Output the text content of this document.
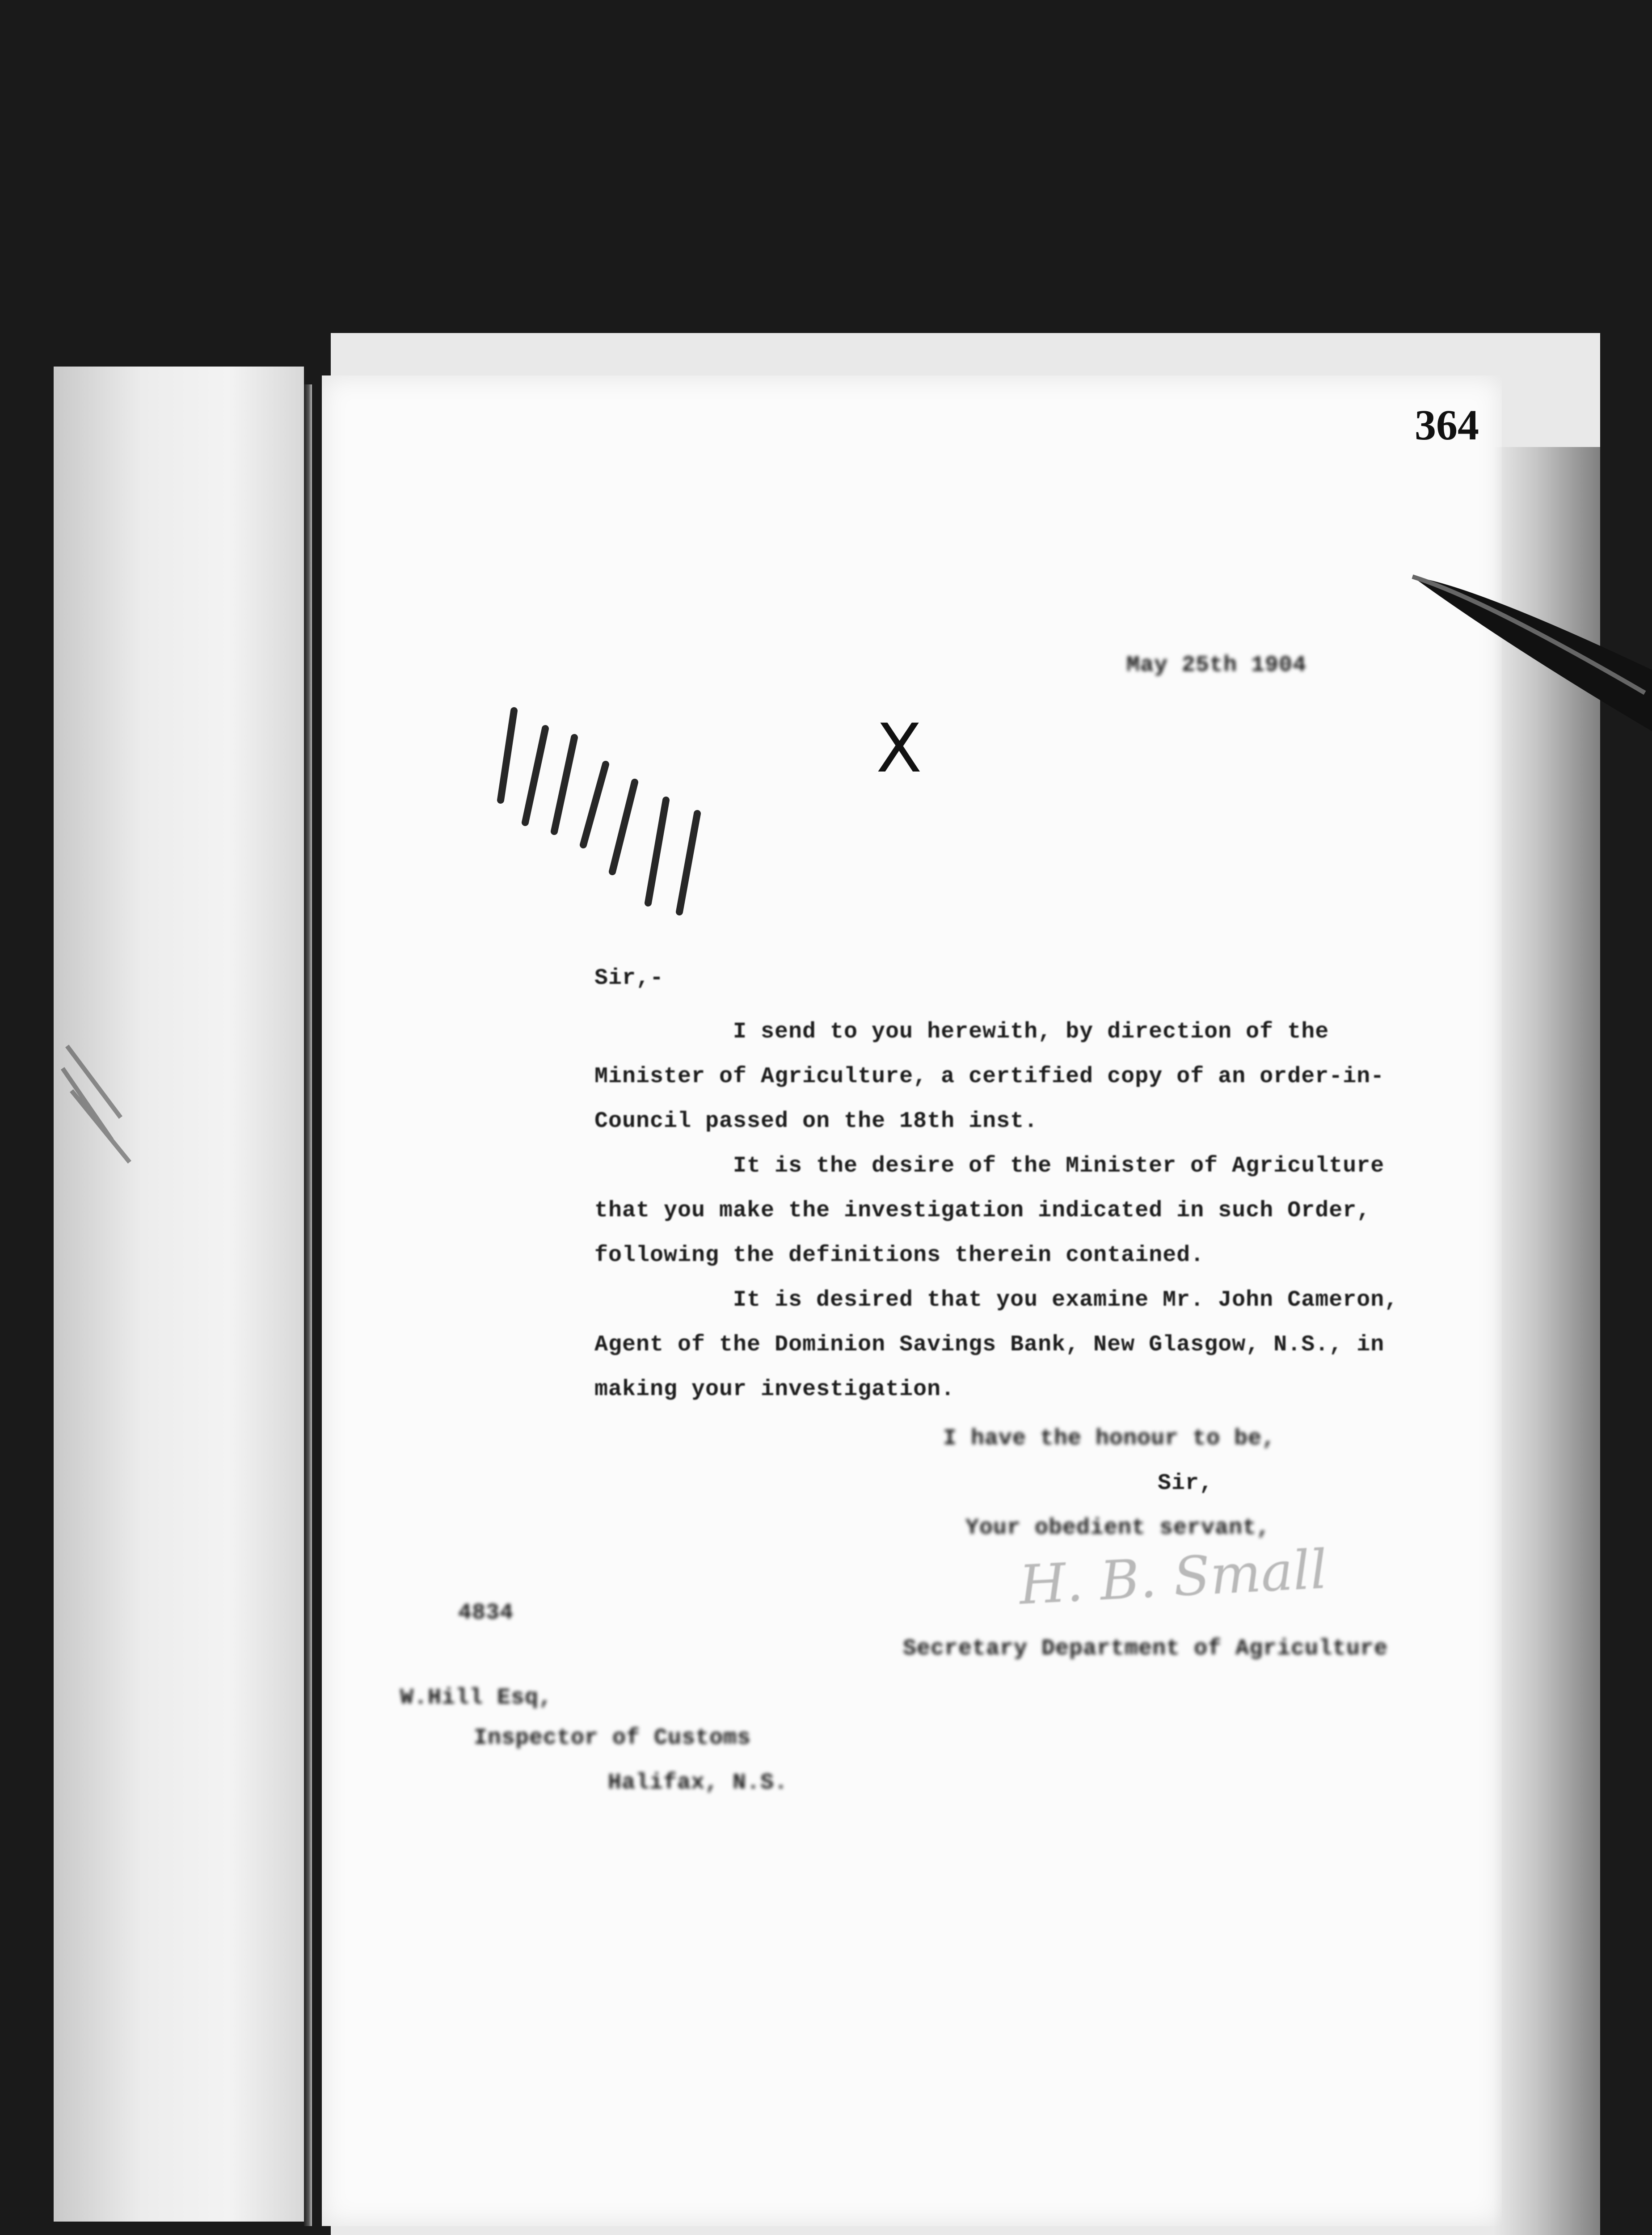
364
X
May 25th 1904
Sir,-
I send to you herewith, by direction of the
Minister of Agriculture, a certified copy of an order-in-
Council passed on the 18th inst.
It is the desire of the Minister of Agriculture
that you make the investigation indicated in such Order,
following the definitions therein contained.
It is desired that you examine Mr. John Cameron,
Agent of the Dominion Savings Bank, New Glasgow, N.S., in
making your investigation.
I have the honour to be,
Sir,
Your obedient servant,
H. B. Small
Secretary Department of Agriculture
4834
W.Hill Esq,
Inspector of Customs
Halifax, N.S.
